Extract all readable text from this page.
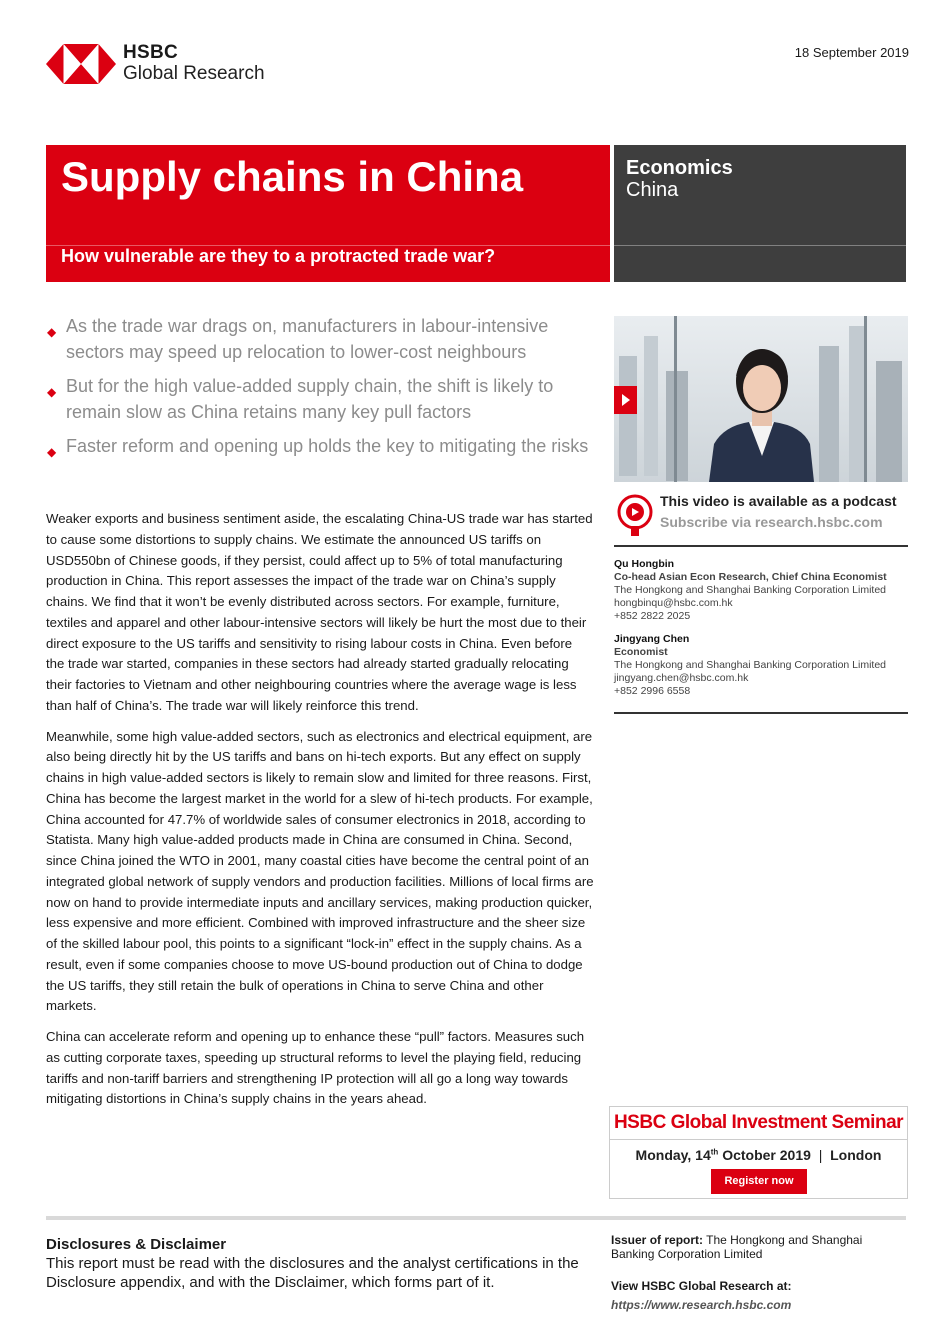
HSBC
Global Research
18 September 2019
Supply chains in China
How vulnerable are they to a protracted trade war?
Economics
China
◆ As the trade war drags on, manufacturers in labour-intensive sectors may speed up relocation to lower-cost neighbours
◆ But for the high value-added supply chain, the shift is likely to remain slow as China retains many key pull factors
◆ Faster reform and opening up holds the key to mitigating the risks

Weaker exports and business sentiment aside, the escalating China-US trade war has started to cause some distortions to supply chains. We estimate the announced US tariffs on USD550bn of Chinese goods, if they persist, could affect up to 5% of total manufacturing production in China. This report assesses the impact of the trade war on China’s supply chains. We find that it won’t be evenly distributed across sectors. For example, furniture, textiles and apparel and other labour-intensive sectors will likely be hurt the most due to their direct exposure to the US tariffs and sensitivity to rising labour costs in China. Even before the trade war started, companies in these sectors had already started gradually relocating their factories to Vietnam and other neighbouring countries where the average wage is less than half of China’s. The trade war will likely reinforce this trend.

Meanwhile, some high value-added sectors, such as electronics and electrical equipment, are also being directly hit by the US tariffs and bans on hi-tech exports. But any effect on supply chains in high value-added sectors is likely to remain slow and limited for three reasons. First, China has become the largest market in the world for a slew of hi-tech products. For example, China accounted for 47.7% of worldwide sales of consumer electronics in 2018, according to Statista. Many high value-added products made in China are consumed in China. Second, since China joined the WTO in 2001, many coastal cities have become the central point of an integrated global network of supply vendors and production facilities. Millions of local firms are now on hand to provide intermediate inputs and ancillary services, making production quicker, less expensive and more efficient. Combined with improved infrastructure and the sheer size of the skilled labour pool, this points to a significant “lock-in” effect in the supply chains. As a result, even if some companies choose to move US-bound production out of China to dodge the US tariffs, they still retain the bulk of operations in China to serve China and other markets.

China can accelerate reform and opening up to enhance these “pull” factors. Measures such as cutting corporate taxes, speeding up structural reforms to level the playing field, reducing tariffs and non-tariff barriers and strengthening IP protection will all go a long way towards mitigating distortions in China’s supply chains in the years ahead.

This video is available as a podcast
Subscribe via research.hsbc.com
Qu Hongbin
Co-head Asian Econ Research, Chief China Economist
The Hongkong and Shanghai Banking Corporation Limited
hongbinqu@hsbc.com.hk
+852 2822 2025
Jingyang Chen
Economist
The Hongkong and Shanghai Banking Corporation Limited
jingyang.chen@hsbc.com.hk
+852 2996 6558
HSBC Global Investment Seminar
Monday, 14th October 2019 | London
Register now
Disclosures & Disclaimer
This report must be read with the disclosures and the analyst certifications in the Disclosure appendix, and with the Disclaimer, which forms part of it.
Issuer of report: The Hongkong and Shanghai Banking Corporation Limited
View HSBC Global Research at:
https://www.research.hsbc.com
